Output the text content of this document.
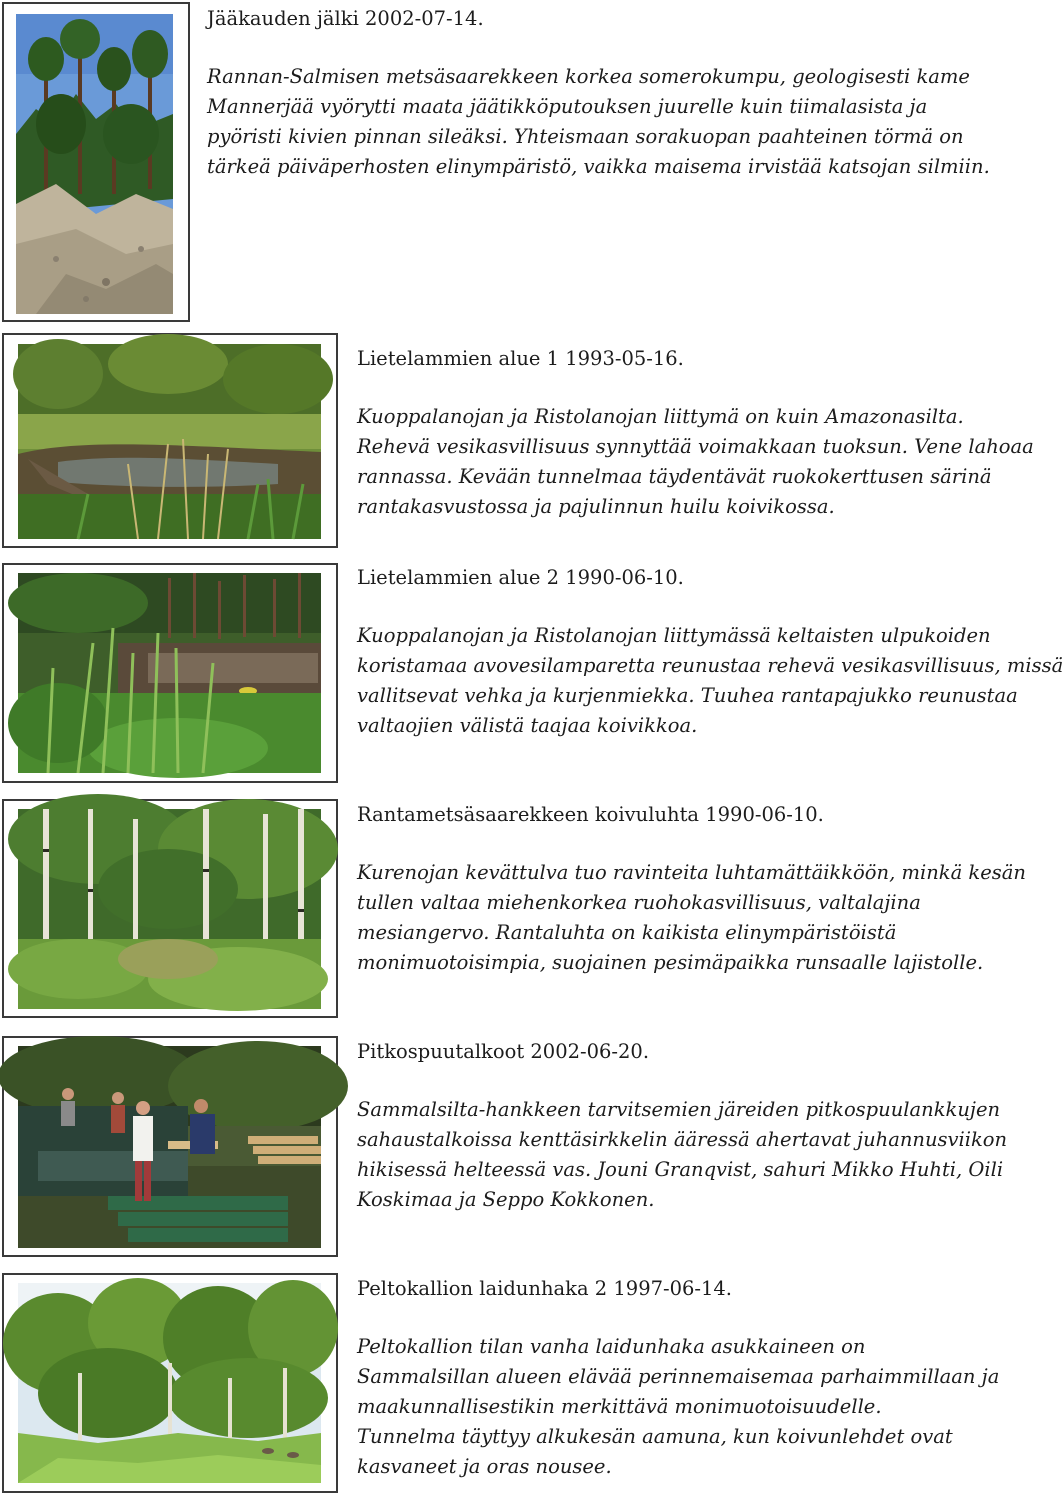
Jääkauden jälki 2002-07-14.

Rannan-Salmisen metsäsaarekkeen korkea somerokumpu, geologisesti kame
Mannerjää vyörytti maata jäätikköputouksen juurelle kuin tiimalasista ja
pyöristi kivien pinnan sileäksi. Yhteismaan sorakuopan paahteinen törmä on
tärkeä päiväperhosten elinympäristö, vaikka maisema irvistää katsojan silmiin.

Lietelammien alue 1 1993-05-16.

Kuoppalanojan ja Ristolanojan liittymä on kuin Amazonasilta.
Rehevä vesikasvillisuus synnyttää voimakkaan tuoksun. Vene lahoaa
rannassa. Kevään tunnelmaa täydentävät ruokokerttusen särinä
rantakasvustossa ja pajulinnun huilu koivikossa.

Lietelammien alue 2 1990-06-10.

Kuoppalanojan ja Ristolanojan liittymässä keltaisten ulpukoiden
koristamaa avovesilamparetta reunustaa rehevä vesikasvillisuus, missä
vallitsevat vehka ja kurjenmiekka. Tuuhea rantapajukko reunustaa
valtaojien välistä taajaa koivikkoa.

Rantametsäsaarekkeen koivuluhta 1990-06-10.

Kurenojan kevättulva tuo ravinteita luhtamättäikköön, minkä kesän
tullen valtaa miehenkorkea ruohokasvillisuus, valtalajina
mesiangervo. Rantaluhta on kaikista elinympäristöistä
monimuotoisimpia, suojainen pesimäpaikka runsaalle lajistolle.

Pitkospuutalkoot 2002-06-20.

Sammalsilta-hankkeen tarvitsemien järeiden pitkospuulankkujen
sahaustalkoissa kenttäsirkkelin ääressä ahertavat juhannusviikon
hikisessä helteessä vas. Jouni Granqvist, sahuri Mikko Huhti, Oili
Koskimaa ja Seppo Kokkonen.

Peltokallion laidunhaka 2 1997-06-14.

Peltokallion tilan vanha laidunhaka asukkaineen on
Sammalsillan alueen elävää perinnemaisemaa parhaimmillaan ja
maakunnallisestikin merkittävä monimuotoisuudelle.
Tunnelma täyttyy alkukesän aamuna, kun koivunlehdet ovat
kasvaneet ja oras nousee.
